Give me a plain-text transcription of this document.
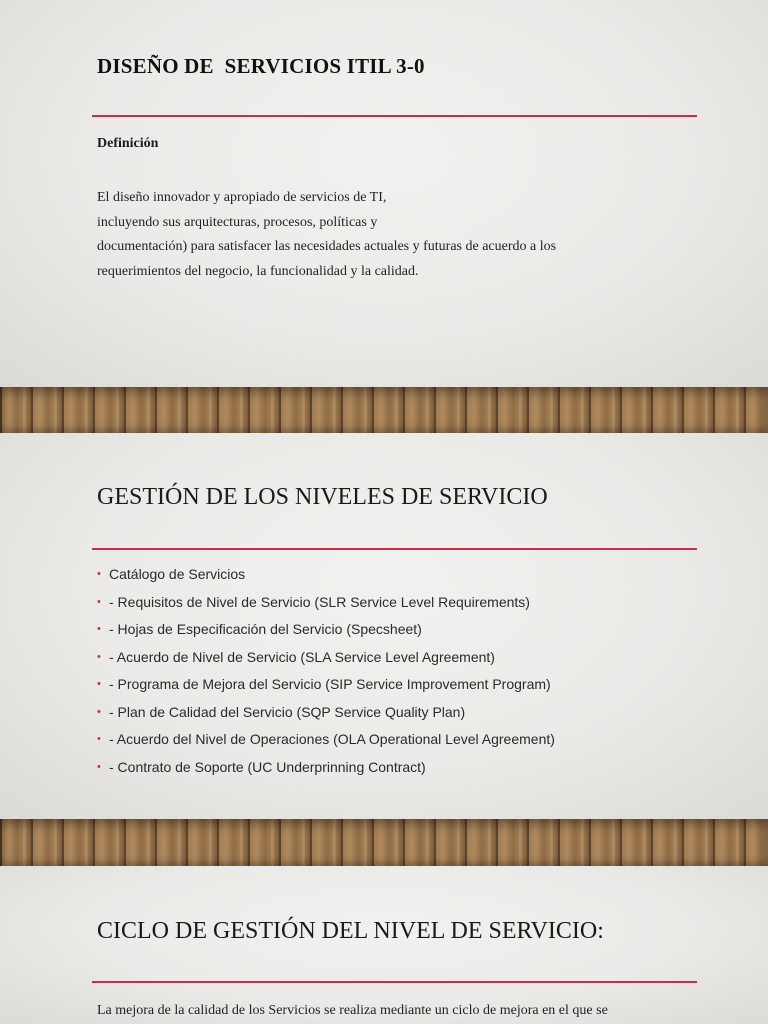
DISEÑO DE  SERVICIOS ITIL 3-0
Definición

El diseño innovador y apropiado de servicios de TI,

incluyendo sus arquitecturas, procesos, políticas y

documentación) para satisfacer las necesidades actuales y futuras de acuerdo a los

requerimientos del negocio, la funcionalidad y la calidad.

GESTIÓN DE LOS NIVELES DE SERVICIO
• Catálogo de Servicios
• - Requisitos de Nivel de Servicio (SLR Service Level Requirements)
• - Hojas de Especificación del Servicio (Specsheet)
• - Acuerdo de Nivel de Servicio (SLA Service Level Agreement)
• - Programa de Mejora del Servicio (SIP Service Improvement Program)
• - Plan de Calidad del Servicio (SQP Service Quality Plan)
• - Acuerdo del Nivel de Operaciones (OLA Operational Level Agreement)
• - Contrato de Soporte (UC Underprinning Contract)
CICLO DE GESTIÓN DEL NIVEL DE SERVICIO:

La mejora de la calidad de los Servicios se realiza mediante un ciclo de mejora en el que se
